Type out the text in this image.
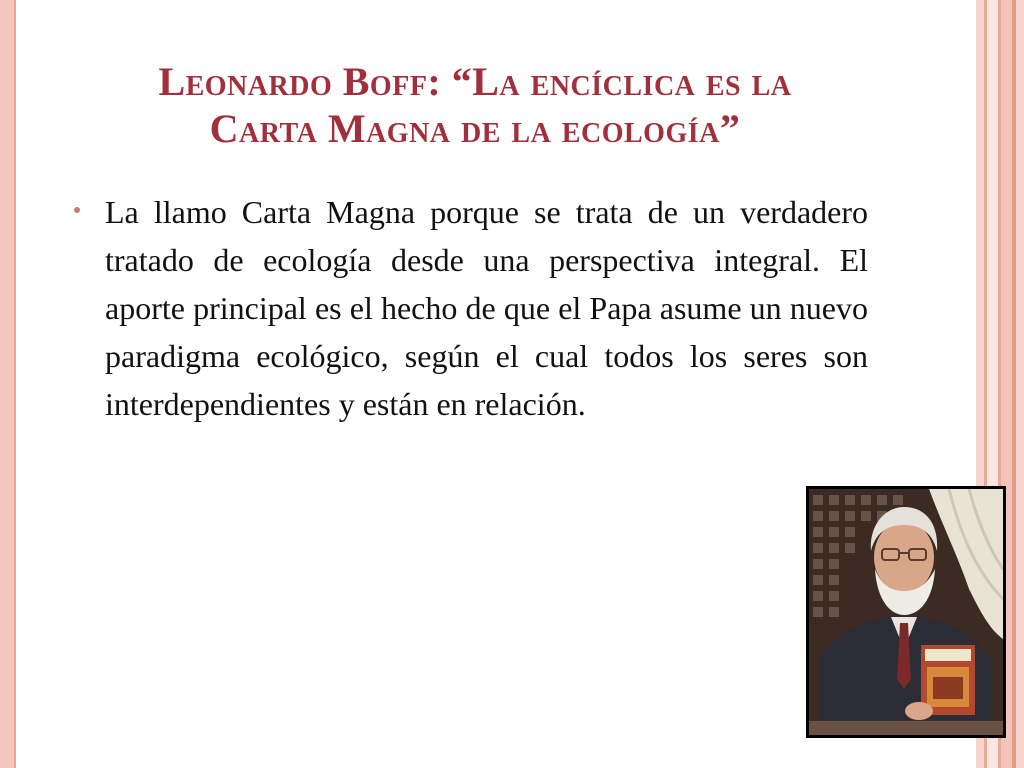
Leonardo Boff: “La encíclica es la
Carta Magna de la ecología”

La llamo Carta Magna porque se trata de un verdadero tratado de ecología desde una perspectiva integral. El aporte principal es el hecho de que el Papa asume un nuevo paradigma ecológico, según el cual todos los seres son interdependientes y están en relación.
